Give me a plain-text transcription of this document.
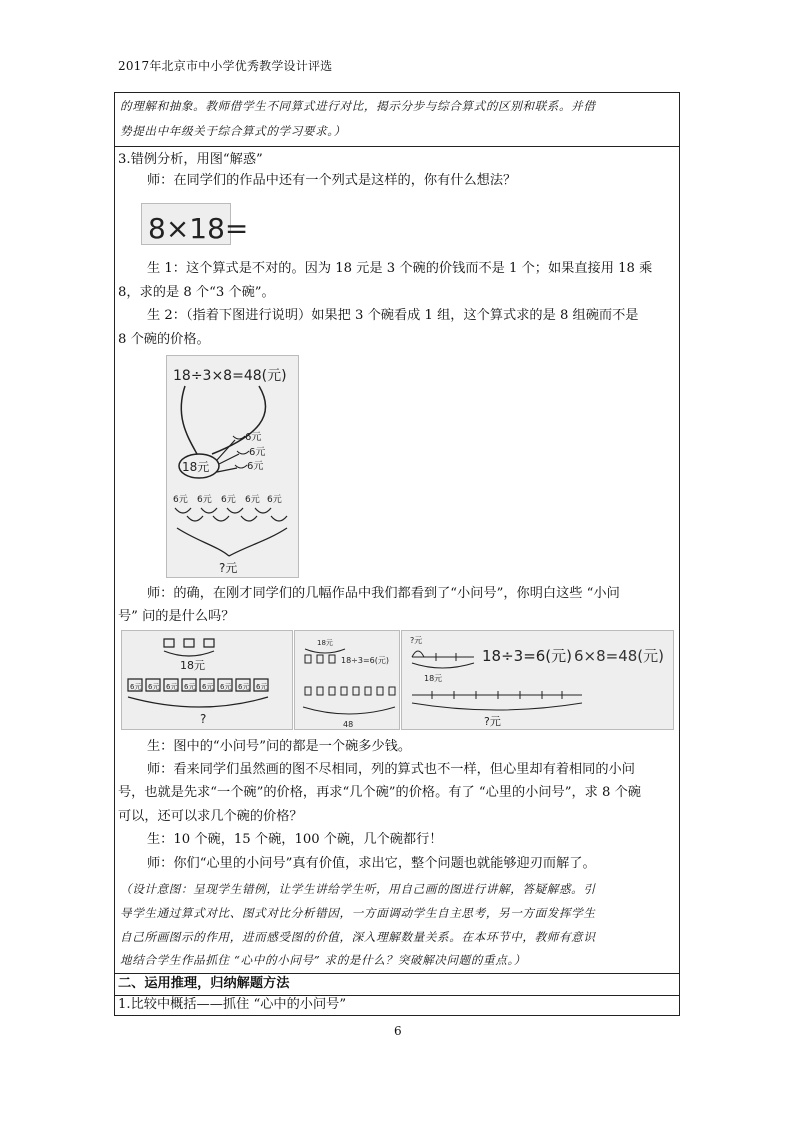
2017年北京市中小学优秀教学设计评选
的理解和抽象。教师借学生不同算式进行对比，揭示分步与综合算式的区别和联系。并借
势提出中年级关于综合算式的学习要求。）
3.错例分析，用图“解惑”
师：在同学们的作品中还有一个列式是这样的，你有什么想法？
8×18=
生 1：这个算式是不对的。因为 18 元是 3 个碗的价钱而不是 1 个；如果直接用 18 乘
8，求的是 8 个“3 个碗”。
生 2：（指着下图进行说明）如果把 3 个碗看成 1 组，这个算式求的是 8 组碗而不是
8 个碗的价格。
18÷3×8=48(元)
18元
6元
6元
6元
6元 6元 6元 6元 6元
?元
师：的确，在刚才同学们的几幅作品中我们都看到了“小问号”，你明白这些 “小问
号” 问的是什么吗？
18元
6元 6元 6元 6元 6元 6元 6元 6元
?
18元
18÷3=6(元)
48
?元
18元
18÷3=6(元) 6×8=48(元)
?元
生：图中的“小问号”问的都是一个碗多少钱。
师：看来同学们虽然画的图不尽相同，列的算式也不一样，但心里却有着相同的小问
号，也就是先求“一个碗”的价格，再求“几个碗”的价格。有了 “心里的小问号”，求 8 个碗
可以，还可以求几个碗的价格？
生：10 个碗，15 个碗，100 个碗，几个碗都行！
师：你们“心里的小问号”真有价值，求出它，整个问题也就能够迎刃而解了。
（设计意图：呈现学生错例，让学生讲给学生听，用自己画的图进行讲解，答疑解惑。引
导学生通过算式对比、图式对比分析错因，一方面调动学生自主思考，另一方面发挥学生
自己所画图示的作用，进而感受图的价值，深入理解数量关系。在本环节中，教师有意识
地结合学生作品抓住 “心中的小问号” 求的是什么？突破解决问题的重点。）
二、运用推理，归纳解题方法
1.比较中概括——抓住 “心中的小问号”
6
